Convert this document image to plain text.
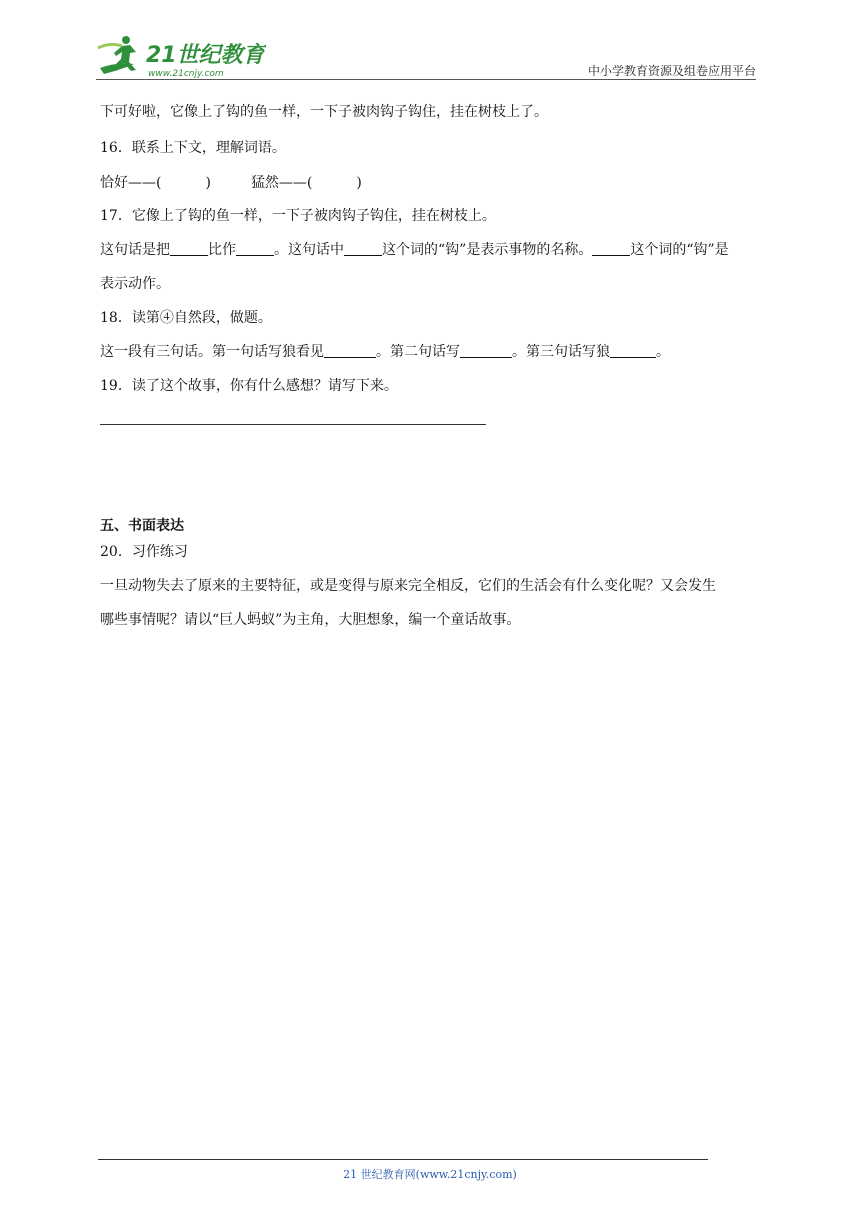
21世纪教育
www.21cnjy.com	中小学教育资源及组卷应用平台
下可好啦，它像上了钩的鱼一样，一下子被肉钩子钩住，挂在树枝上了。
16．联系上下文，理解词语。
恰好——(	)	猛然——(	)
17．它像上了钩的鱼一样，一下子被肉钩子钩住，挂在树枝上。
这句话是把	比作	。这句话中	这个词的“钩”是表示事物的名称。	这个词的“钩”是
表示动作。
18．读第④自然段，做题。
这一段有三句话。第一句话写狼看见	。第二句话写	。第三句话写狼	。
19．读了这个故事，你有什么感想？请写下来。
五、书面表达
20．习作练习
一旦动物失去了原来的主要特征，或是变得与原来完全相反，它们的生活会有什么变化呢？又会发生
哪些事情呢？请以“巨人蚂蚁”为主角，大胆想象，编一个童话故事。
21 世纪教育网(www.21cnjy.com)
